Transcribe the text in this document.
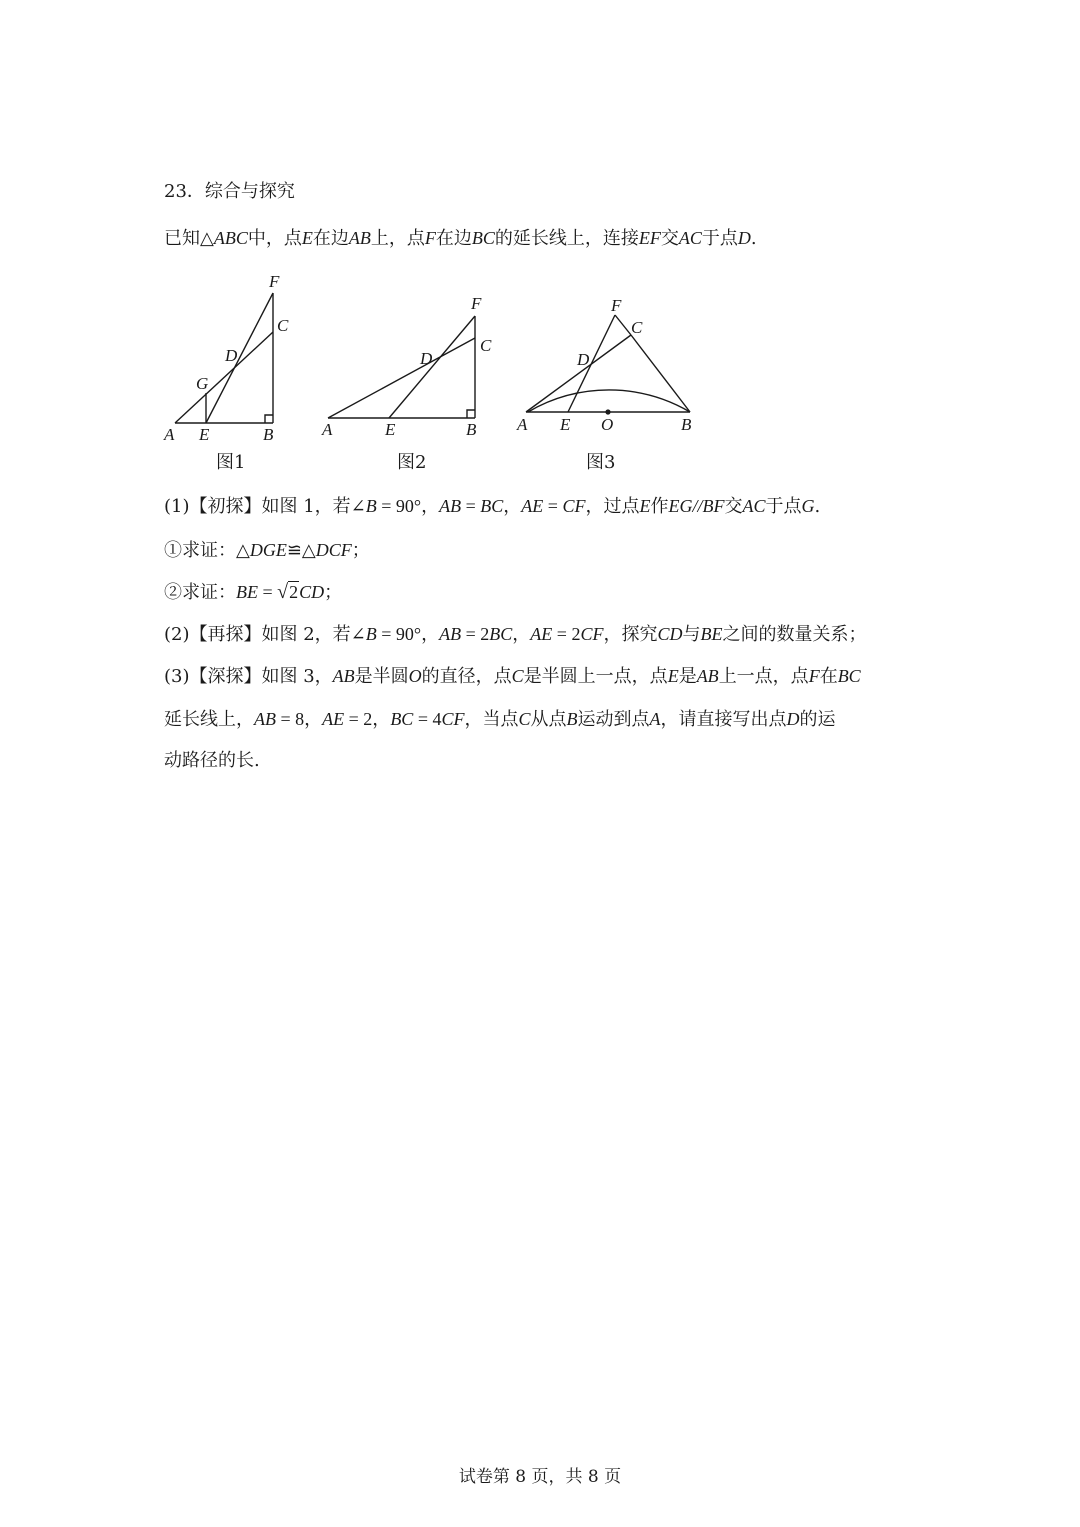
23．综合与探究
已知△ABC中，点E在边AB上，点F在边BC的延长线上，连接EF交AC于点D.
A E	B
G
D
C
F
图1
A	E	B
D
C
F
图2
A E O	B
D
C
F
图3
(1)【初探】如图 1，若∠B = 90°，AB = BC，AE = CF，过点E作EG//BF交AC于点G.
①求证：△DGE≌△DCF；
②求证：BE = √2CD；
(2)【再探】如图 2，若∠B = 90°，AB = 2BC，AE = 2CF，探究CD与BE之间的数量关系；
(3)【深探】如图 3，AB是半圆O的直径，点C是半圆上一点，点E是AB上一点，点F在BC
延长线上，AB = 8，AE = 2，BC = 4CF，当点C从点B运动到点A，请直接写出点D的运
动路径的长.
试卷第 8 页，共 8 页
